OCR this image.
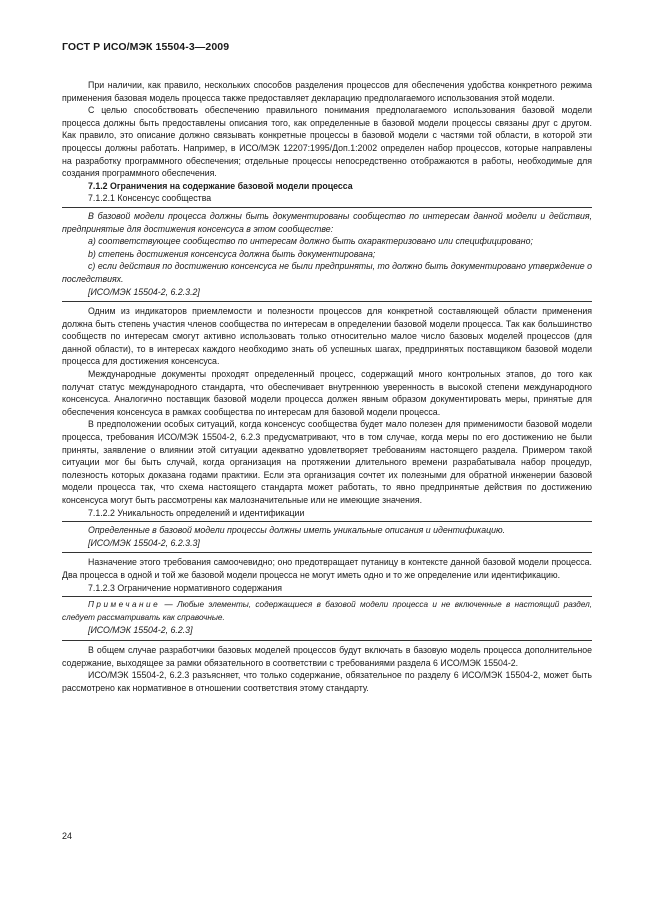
ГОСТ Р ИСО/МЭК 15504-3—2009

При наличии, как правило, нескольких способов разделения процессов для обеспечения удобства конкретного режима применения базовая модель процесса также предоставляет декларацию предполагаемого использования этой модели.

С целью способствовать обеспечению правильного понимания предполагаемого использования базовой модели процесса должны быть предоставлены описания того, как определенные в базовой модели процессы связаны друг с другом. Как правило, это описание должно связывать конкретные процессы в базовой модели с частями той области, в которой эти процессы должны работать. Например, в ИСО/МЭК 12207:1995/Доп.1:2002 определен набор процессов, которые направлены на разработку программного обеспечения; отдельные процессы непосредственно отображаются в работы, необходимые для создания программного обеспечения.

7.1.2 Ограничения на содержание базовой модели процесса

7.1.2.1 Консенсус сообщества

В базовой модели процесса должны быть документированы сообщество по интересам данной модели и действия, предпринятые для достижения консенсуса в этом сообществе:

a) соответствующее сообщество по интересам должно быть охарактеризовано или специфицировано;

b) степень достижения консенсуса должна быть документирована;

c) если действия по достижению консенсуса не были предприняты, то должно быть документировано утверждение о последствиях.

[ИСО/МЭК 15504-2, 6.2.3.2]

Одним из индикаторов приемлемости и полезности процессов для конкретной составляющей области применения должна быть степень участия членов сообщества по интересам в определении базовой модели процесса. Так как большинство сообществ по интересам смогут активно использовать только относительно малое число базовых моделей процессов (для данной области), то в интересах каждого необходимо знать об успешных шагах, предпринятых поставщиком базовой модели процесса для достижения консенсуса.

Международные документы проходят определенный процесс, содержащий много контрольных этапов, до того как получат статус международного стандарта, что обеспечивает внутреннюю уверенность в высокой степени международного консенсуса. Аналогично поставщик базовой модели процесса должен явным образом документировать меры, принятые для обеспечения консенсуса в рамках сообщества по интересам для базовой модели процесса.

В предположении особых ситуаций, когда консенсус сообщества будет мало полезен для применимости базовой модели процесса, требования ИСО/МЭК 15504-2, 6.2.3 предусматривают, что в том случае, когда меры по его достижению не были приняты, заявление о влиянии этой ситуации адекватно удовлетворяет требованиям настоящего раздела. Примером такой ситуации мог бы быть случай, когда организация на протяжении длительного времени разрабатывала набор процедур, полезность которых доказана годами практики. Если эта организация сочтет их полезными для обратной инженерии базовой модели процесса так, что схема настоящего стандарта может работать, то явно предпринятые действия по достижению консенсуса могут быть рассмотрены как малозначительные или не имеющие значения.

7.1.2.2 Уникальность определений и идентификации

Определенные в базовой модели процессы должны иметь уникальные описания и идентификацию.

[ИСО/МЭК 15504-2, 6.2.3.3]

Назначение этого требования самоочевидно; оно предотвращает путаницу в контексте данной базовой модели процесса. Два процесса в одной и той же базовой модели процесса не могут иметь одно и то же определение или идентификацию.

7.1.2.3 Ограничение нормативного содержания

Примечание — Любые элементы, содержащиеся в базовой модели процесса и не включенные в настоящий раздел, следует рассматривать как справочные.

[ИСО/МЭК 15504-2, 6.2.3]

В общем случае разработчики базовых моделей процессов будут включать в базовую модель процесса дополнительное содержание, выходящее за рамки обязательного в соответствии с требованиями раздела 6 ИСО/МЭК 15504-2.

ИСО/МЭК 15504-2, 6.2.3 разъясняет, что только содержание, обязательное по разделу 6 ИСО/МЭК 15504-2, может быть рассмотрено как нормативное в отношении соответствия этому стандарту.

24
